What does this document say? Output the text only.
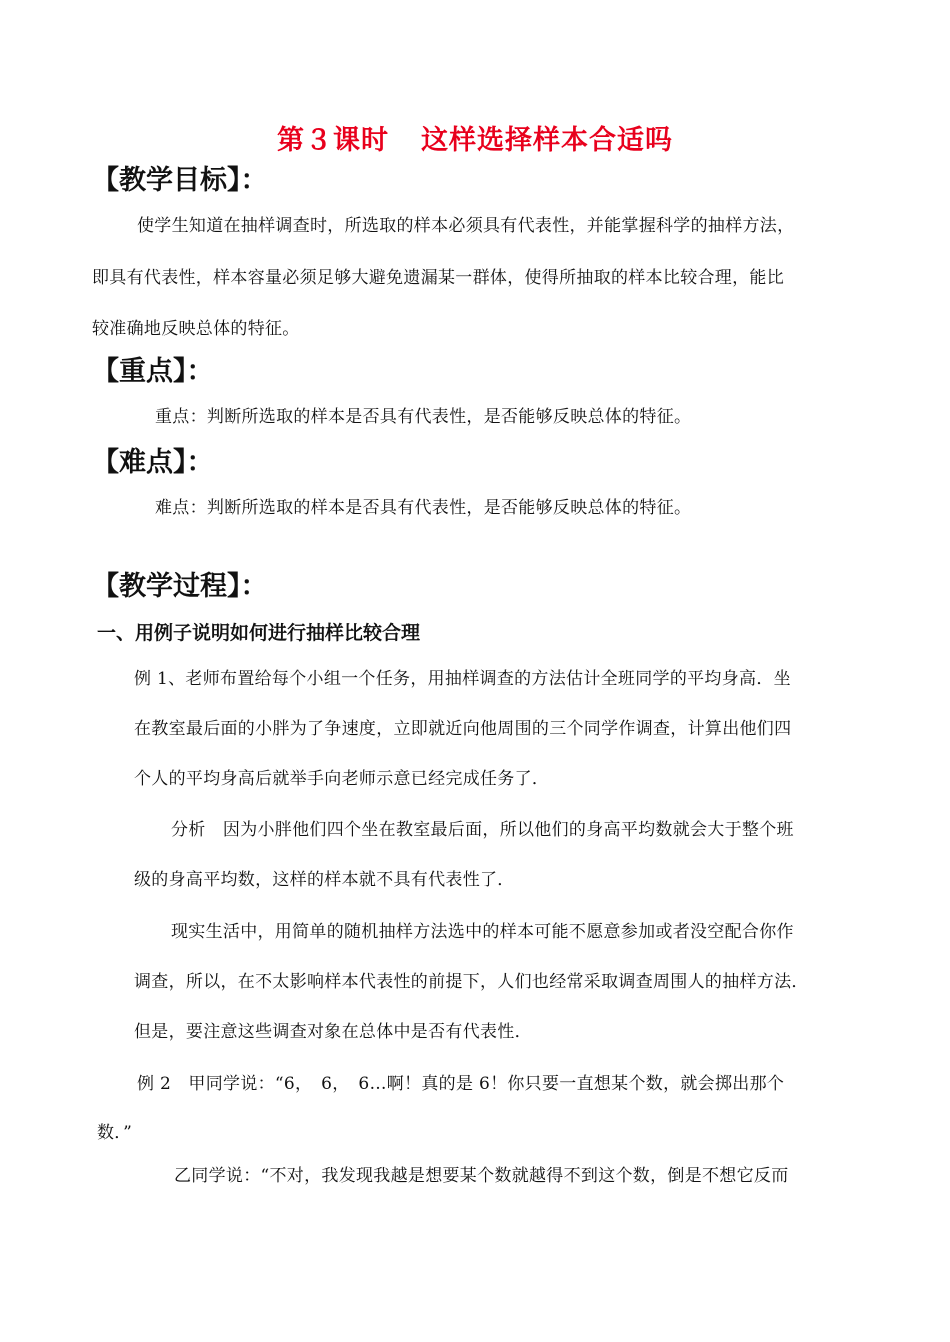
第３课时 这样选择样本合适吗
【教学目标】：
使学生知道在抽样调查时，所选取的样本必须具有代表性，并能掌握科学的抽样方法，
即具有代表性，样本容量必须足够大避免遗漏某一群体，使得所抽取的样本比较合理，能比
较准确地反映总体的特征。
【重点】：
重点：判断所选取的样本是否具有代表性，是否能够反映总体的特征。
【难点】：
难点：判断所选取的样本是否具有代表性，是否能够反映总体的特征。
【教学过程】：
一、用例子说明如何进行抽样比较合理
例 1、老师布置给每个小组一个任务，用抽样调查的方法估计全班同学的平均身高．坐
在教室最后面的小胖为了争速度，立即就近向他周围的三个同学作调查，计算出他们四
个人的平均身高后就举手向老师示意已经完成任务了．
分析　因为小胖他们四个坐在教室最后面，所以他们的身高平均数就会大于整个班
级的身高平均数，这样的样本就不具有代表性了．
现实生活中，用简单的随机抽样方法选中的样本可能不愿意参加或者没空配合你作
调查，所以，在不太影响样本代表性的前提下，人们也经常采取调查周围人的抽样方法．
但是，要注意这些调查对象在总体中是否有代表性．
例 2　甲同学说：“6，　6，　6…啊！真的是 6！你只要一直想某个数，就会掷出那个
数．”
乙同学说：“不对，我发现我越是想要某个数就越得不到这个数，倒是不想它反而
